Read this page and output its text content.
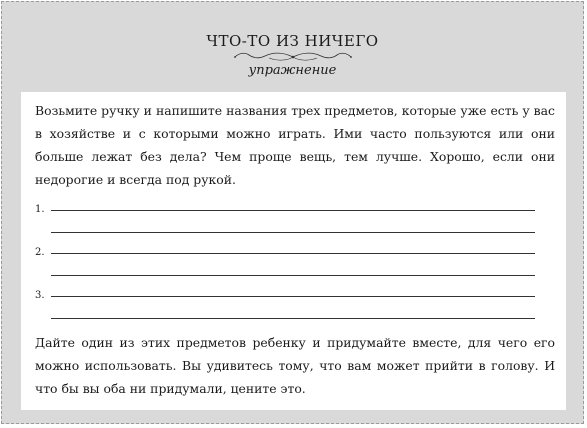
ЧТО-ТО ИЗ НИЧЕГО
упражнение

Возьмите ручку и напишите названия трех предметов, которые уже есть у вас в хозяйстве и с которыми можно играть. Ими часто пользуются или они больше лежат без дела? Чем проще вещь, тем лучше. Хорошо, если они недорогие и всегда под рукой.

1.
2.
3.

Дайте один из этих предметов ребенку и придумайте вместе, для чего его можно использовать. Вы удивитесь тому, что вам может прийти в голову. И что бы вы оба ни придумали, цените это.
